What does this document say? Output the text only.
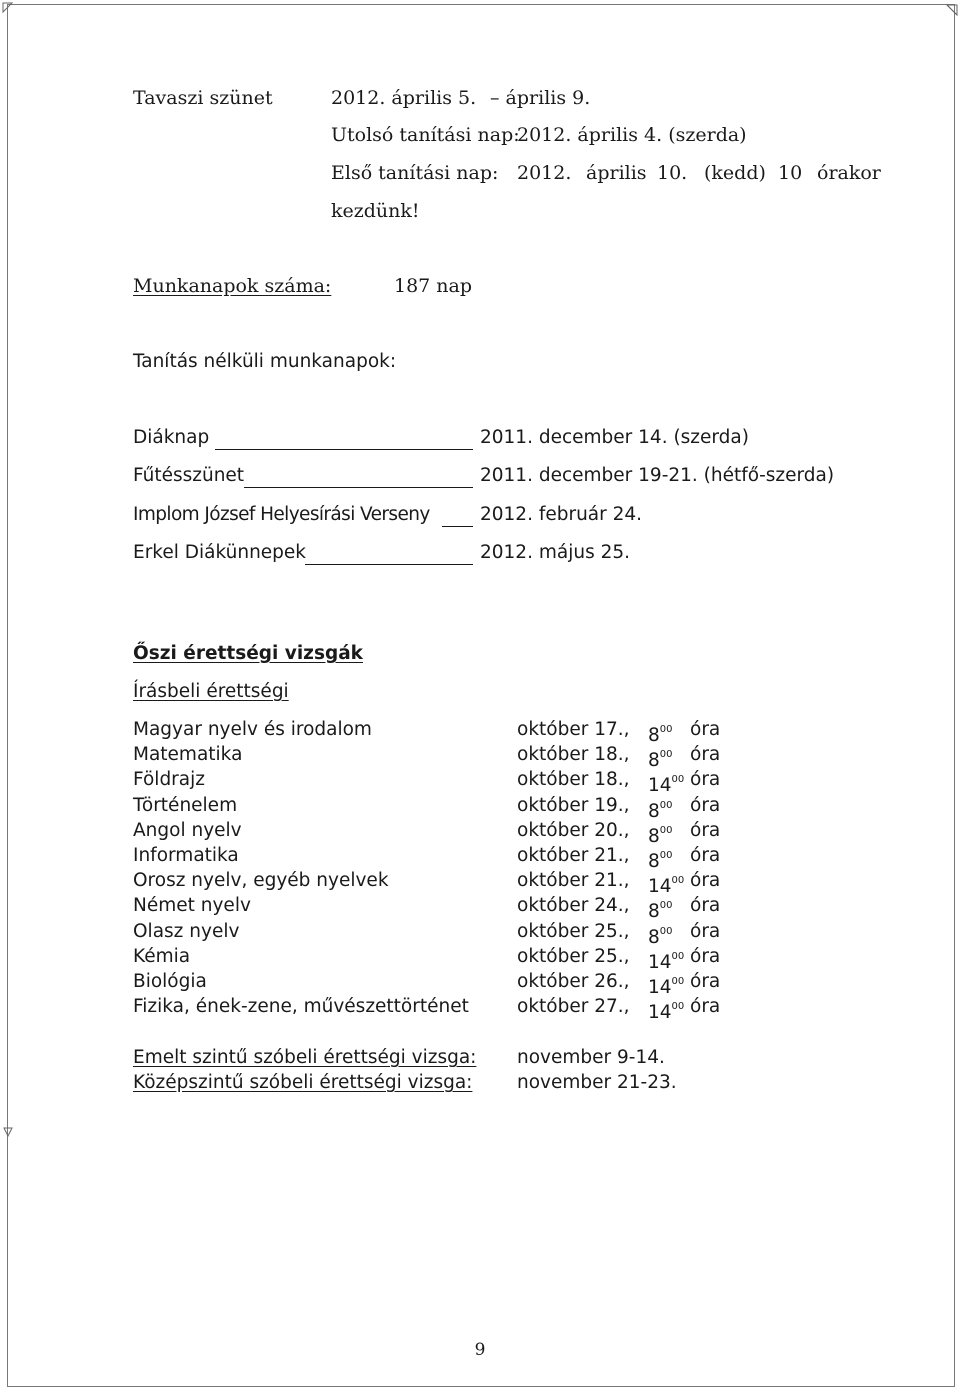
Tavaszi szünet	2012. április 5. – április 9.
Utolsó tanítási nap:
2012. április 4. (szerda)
Első tanítási nap: 2012. április 10. (kedd) 10 órakor
kezdünk!
Munkanapok száma:	187 nap
Tanítás nélküli munkanapok:
Diáknap	2011. december 14. (szerda)
Fűtésszünet	2011. december 19-21. (hétfő-szerda)
Implom József Helyesírási Verseny	2012. február 24.
Erkel Diákünnepek	2012. május 25.
Őszi érettségi vizsgák
Írásbeli érettségi
Magyar nyelv és irodalom	október 17., $8^{00}$ óra
Matematika	október 18., $8^{00}$ óra
Földrajz	október 18., $14^{00}$ óra
Történelem	október 19., $8^{00}$ óra
Angol nyelv	október 20., $8^{00}$ óra
Informatika	október 21., $8^{00}$ óra
Orosz nyelv, egyéb nyelvek	október 21., $14^{00}$ óra
Német nyelv	október 24., $8^{00}$ óra
Olasz nyelv	október 25., $8^{00}$ óra
Kémia	október 25., $14^{00}$ óra
Biológia	október 26., $14^{00}$ óra
Fizika, ének-zene, művészettörténet	október 27., $14^{00}$ óra
Emelt szintű szóbeli érettségi vizsga: november 9-14.
Középszintű szóbeli érettségi vizsga: november 21-23.
9
